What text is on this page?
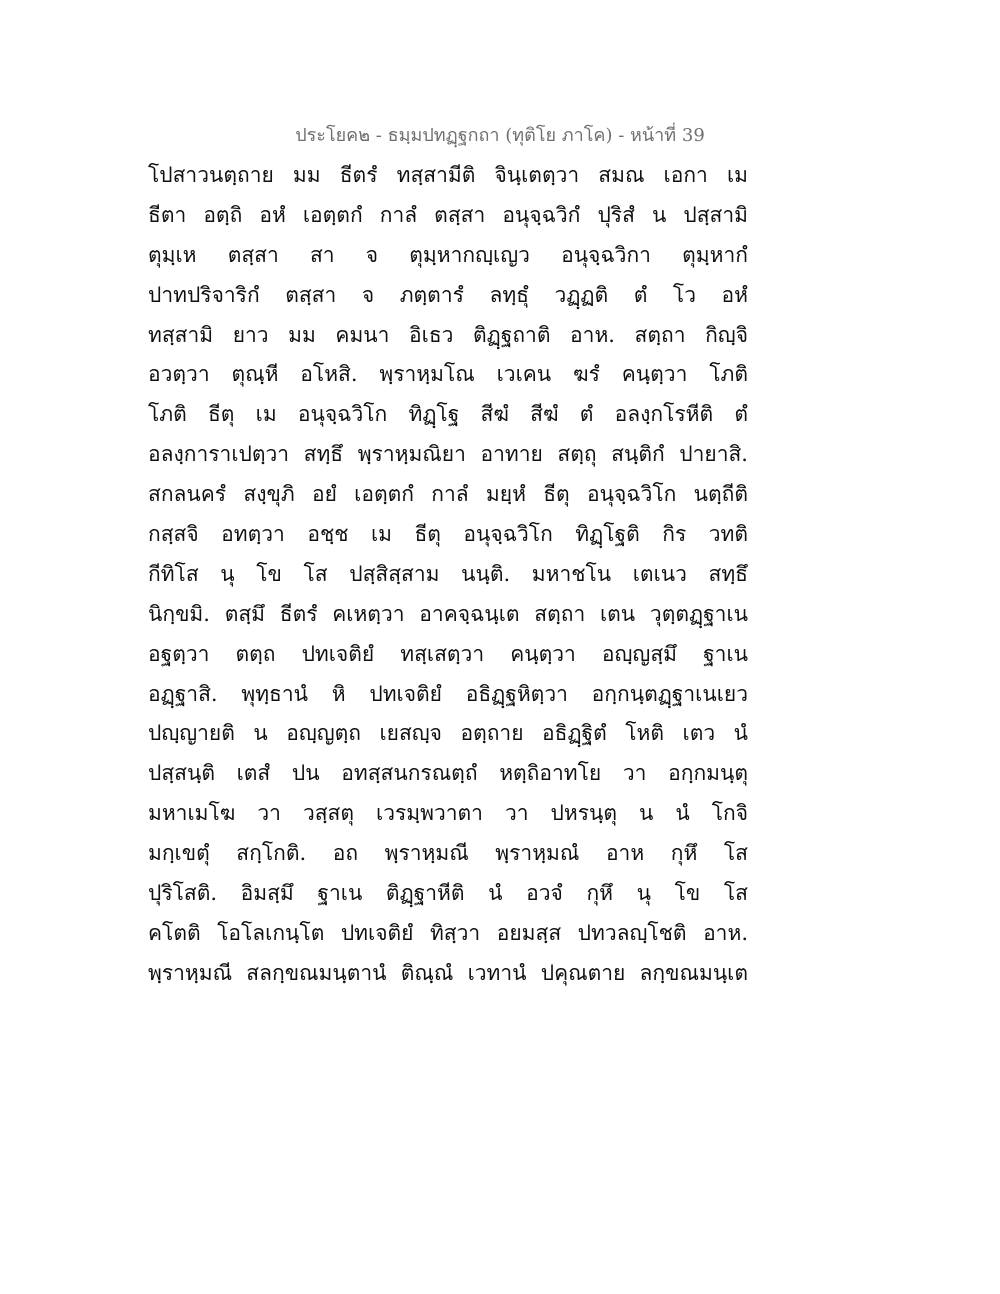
ประโยค๒ - ธมฺมปทฏฺฐกถา (ทุติโย ภาโค) - หน้าที่ 39
โปสาวนตฺถาย มม ธีตรํ ทสฺสามีติ จินฺเตตฺวา สมณ เอกา เม
ธีตา อตฺถิ อหํ เอตฺตกํ กาลํ ตสฺสา อนุจฺฉวิกํ ปุริสํ น ปสฺสามิ
ตุมฺเห ตสฺสา สา จ ตุมฺหากญฺเญว อนุจฺฉวิกา ตุมฺหากํ
ปาทปริจาริกํ ตสฺสา จ ภตฺตารํ ลทฺธุํ วฏฺฏติ ตํ โว อหํ
ทสฺสามิ ยาว มม คมนา อิเธว ติฏฺฐถาติ อาห. สตฺถา กิญฺจิ
อวตฺวา ตุณฺหี อโหสิ. พฺราหฺมโณ เวเคน ฆรํ คนฺตฺวา โภติ
โภติ ธีตุ เม อนุจฺฉวิโก ทิฏฺโฐ สีฆํ สีฆํ ตํ อลงฺกโรหีติ ตํ
อลงฺการาเปตฺวา สทฺธึ พฺราหฺมณิยา อาทาย สตฺถุ สนฺติกํ ปายาสิ.
สกลนครํ สงฺขุภิ อยํ เอตฺตกํ กาลํ มยฺหํ ธีตุ อนุจฺฉวิโก นตฺถีติ
กสฺสจิ อทตฺวา อชฺช เม ธีตุ อนุจฺฉวิโก ทิฏฺโฐติ กิร วทติ
กีทิโส นุ โข โส ปสฺสิสฺสาม นนฺติ. มหาชโน เตเนว สทฺธึ
นิกฺขมิ. ตสฺมึ ธีตรํ คเหตฺวา อาคจฺฉนฺเต สตฺถา เตน วุตฺตฏฺฐาเน
อฐตฺวา ตตฺถ ปทเจติยํ ทสฺเสตฺวา คนฺตฺวา อญฺญสฺมึ ฐาเน
อฏฺฐาสิ. พุทฺธานํ หิ ปทเจติยํ อธิฏฺฐหิตฺวา อกฺกนฺตฏฺฐาเนเยว
ปญฺญายติ น อญฺญตฺถ เยสญฺจ อตฺถาย อธิฏฺฐิตํ โหติ เตว นํ
ปสฺสนฺติ เตสํ ปน อทสฺสนกรณตฺถํ หตฺถิอาทโย วา อกฺกมนฺตุ
มหาเมโฆ วา วสฺสตุ เวรมฺพวาตา วา ปหรนฺตุ น นํ โกจิ
มกฺเขตุํ สกฺโกติ. อถ พฺราหฺมณี พฺราหฺมณํ อาห กุหึ โส
ปุริโสติ. อิมสฺมึ ฐาเน ติฏฺฐาหีติ นํ อวจํ กุหึ นุ โข โส
คโตติ โอโลเกนฺโต ปทเจติยํ ทิสฺวา อยมสฺส ปทวลญฺโชติ อาห.
พฺราหฺมณี สลกฺขณมนฺตานํ ติณฺณํ เวทานํ ปคุณตาย ลกฺขณมนฺเต
